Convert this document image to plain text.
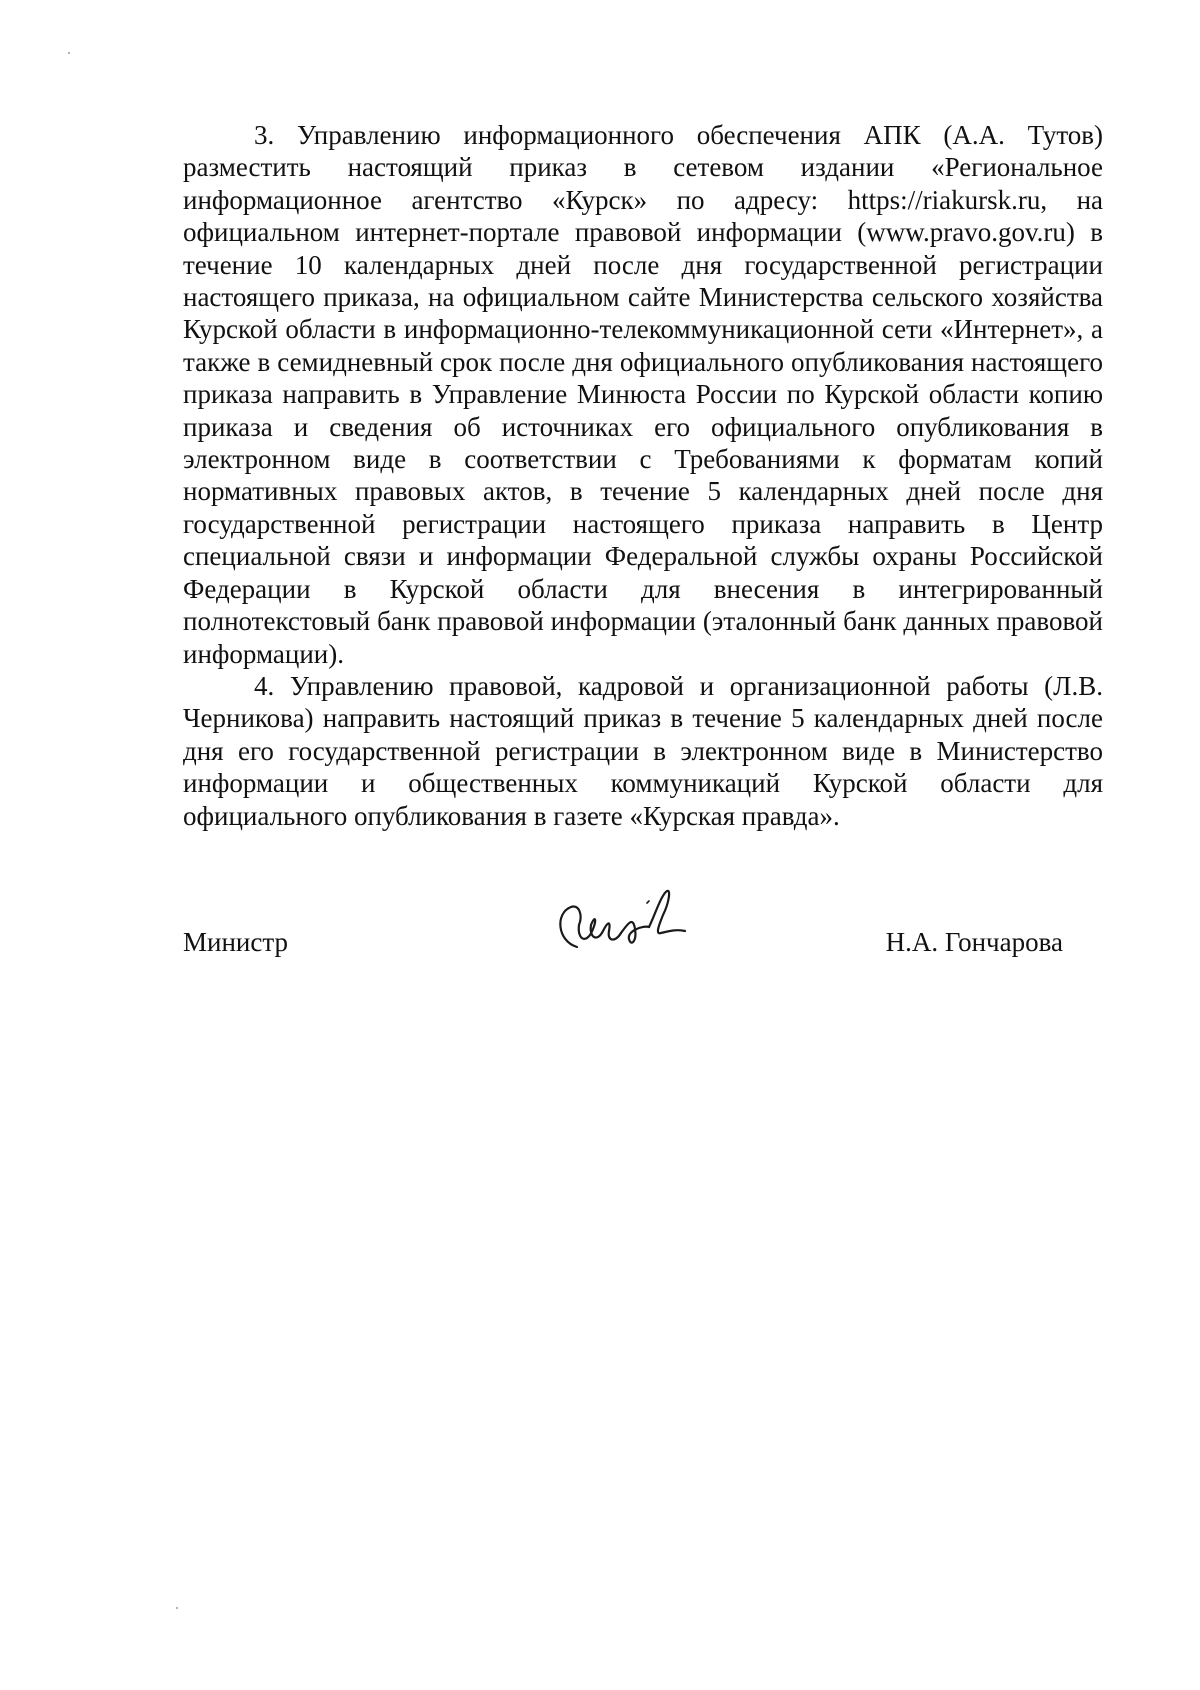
3. Управлению информационного обеспечения АПК (А.А. Тутов) разместить настоящий приказ в сетевом издании «Региональное информационное агентство «Курск» по адресу: https://riakursk.ru, на официальном интернет-портале правовой информации (www.pravo.gov.ru) в течение 10 календарных дней после дня государственной регистрации настоящего приказа, на официальном сайте Министерства сельского хозяйства Курской области в информационно-телекоммуникационной сети «Интернет», а также в семидневный срок после дня официального опубликования настоящего приказа направить в Управление Минюста России по Курской области копию приказа и сведения об источниках его официального опубликования в электронном виде в соответствии с Требованиями к форматам копий нормативных правовых актов, в течение 5 календарных дней после дня государственной регистрации настоящего приказа направить в Центр специальной связи и информации Федеральной службы охраны Российской Федерации в Курской области для внесения в интегрированный полнотекстовый банк правовой информации (эталонный банк данных правовой информации).

4. Управлению правовой, кадровой и организационной работы (Л.В. Черникова) направить настоящий приказ в течение 5 календарных дней после дня его государственной регистрации в электронном виде в Министерство информации и общественных коммуникаций Курской области для официального опубликования в газете «Курская правда».

Министр	Н.А. Гончарова
